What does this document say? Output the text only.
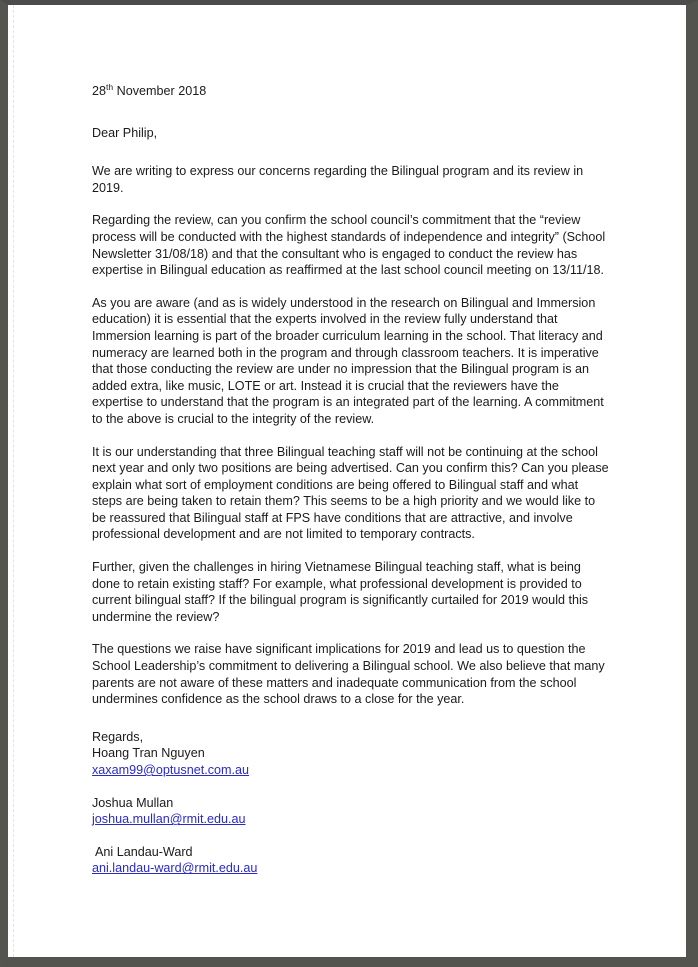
28th November 2018

Dear Philip,

We are writing to express our concerns regarding the Bilingual program and its review in 2019.

Regarding the review, can you confirm the school council’s commitment that the “review process will be conducted with the highest standards of independence and integrity” (School Newsletter 31/08/18) and that the consultant who is engaged to conduct the review has expertise in Bilingual education as reaffirmed at the last school council meeting on 13/11/18.

As you are aware (and as is widely understood in the research on Bilingual and Immersion education) it is essential that the experts involved in the review fully understand that Immersion learning is part of the broader curriculum learning in the school. That literacy and numeracy are learned both in the program and through classroom teachers. It is imperative that those conducting the review are under no impression that the Bilingual program is an added extra, like music, LOTE or art. Instead it is crucial that the reviewers have the expertise to understand that the program is an integrated part of the learning. A commitment to the above is crucial to the integrity of the review.

It is our understanding that three Bilingual teaching staff will not be continuing at the school next year and only two positions are being advertised. Can you confirm this? Can you please explain what sort of employment conditions are being offered to Bilingual staff and what steps are being taken to retain them? This seems to be a high priority and we would like to be reassured that Bilingual staff at FPS have conditions that are attractive, and involve professional development and are not limited to temporary contracts.

Further, given the challenges in hiring Vietnamese Bilingual teaching staff, what is being done to retain existing staff? For example, what professional development is provided to current bilingual staff? If the bilingual program is significantly curtailed for 2019 would this undermine the review?

The questions we raise have significant implications for 2019 and lead us to question the School Leadership’s commitment to delivering a Bilingual school. We also believe that many parents are not aware of these matters and inadequate communication from the school undermines confidence as the school draws to a close for the year.

Regards,

Hoang Tran Nguyen

xaxam99@optusnet.com.au

Joshua Mullan

joshua.mullan@rmit.edu.au

Ani Landau-Ward

ani.landau-ward@rmit.edu.au
